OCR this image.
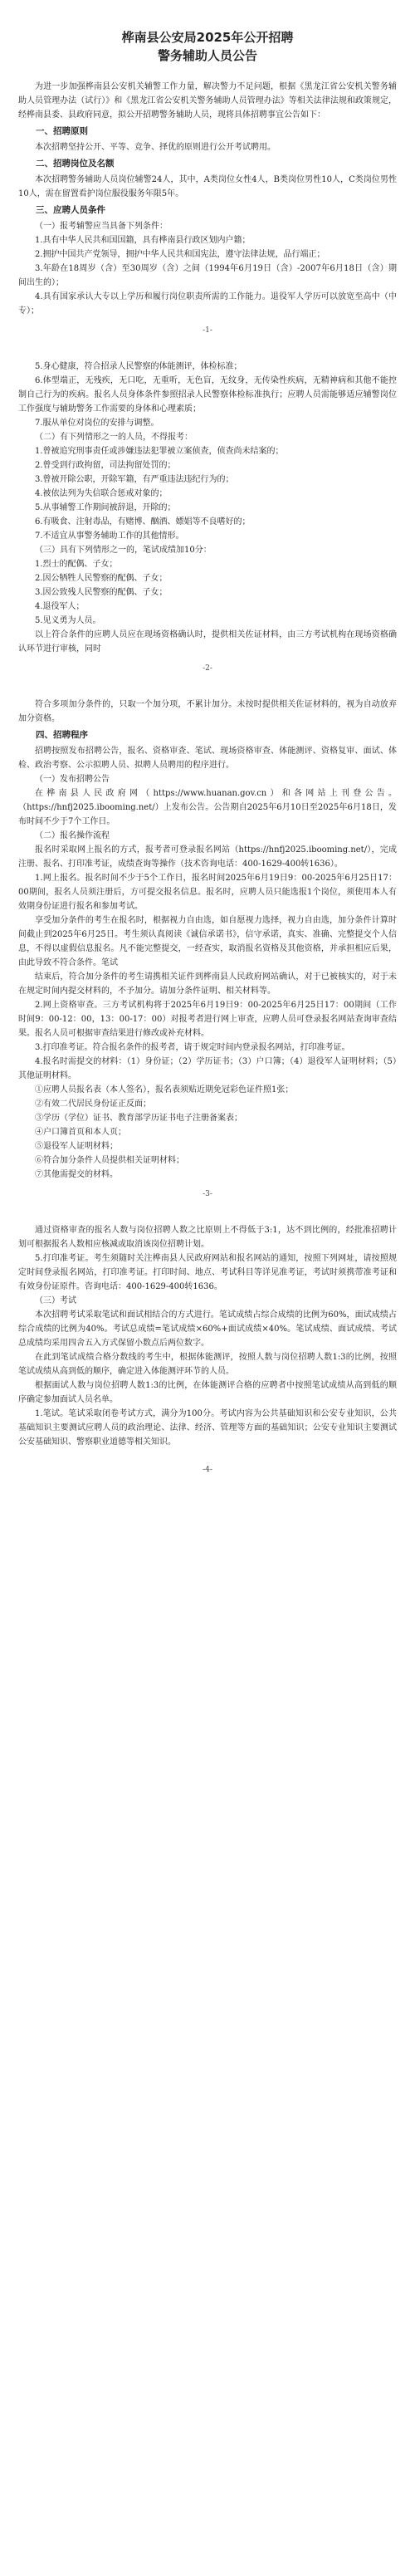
桦南县公安局2025年公开招聘
警务辅助人员公告

为进一步加强桦南县公安机关辅警工作力量，解决警力不足问题，根据《黑龙江省公安机关警务辅助人员管理办法（试行）》和《黑龙江省公安机关警务辅助人员管理办法》等相关法律法规和政策规定，经桦南县委、县政府同意，拟公开招聘警务辅助人员，现将具体招聘事宜公告如下：

一、招聘原则

本次招聘坚持公开、平等、竞争、择优的原则进行公开考试聘用。

二、招聘岗位及名额

本次招聘警务辅助人员岗位辅警24人，其中，A类岗位女性4人，B类岗位男性10人，C类岗位男性10人，需在留置看护岗位服役服务年限5年。

三、应聘人员条件

（一）报考辅警应当具备下列条件：

1.具有中华人民共和国国籍，具有桦南县行政区划内户籍；

2.拥护中国共产党领导，拥护中华人民共和国宪法，遵守法律法规，品行端正；

3.年龄在18周岁（含）至30周岁（含）之间（1994年6月19日（含）-2007年6月18日（含）期间出生的）；

4.具有国家承认大专以上学历和履行岗位职责所需的工作能力。退役军人学历可以放宽至高中（中专）；

-1-

5.身心健康，符合招录人民警察的体能测评，体检标准；

6.体型端正，无残疾，无口吃，无重听，无色盲，无纹身，无传染性疾病，无精神病和其他不能控制自己行为的疾病。报名人员身体条件参照招录人民警察体检标准执行；应聘人员需能够适应辅警岗位工作强度与辅助警务工作需要的身体和心理素质；

7.服从单位对岗位的安排与调整。

（二）有下列情形之一的人员，不得报考：

1.曾被追究刑事责任或涉嫌违法犯罪被立案侦查，侦查尚未结案的；

2.曾受到行政拘留，司法拘留处罚的；

3.曾被开除公职，开除军籍，有严重违法违纪行为的；

4.被依法列为失信联合惩戒对象的；

5.从事辅警工作期间被辞退，开除的；

6.有吸食、注射毒品，有赌博、酗酒、嫖娼等不良嗜好的；

7.不适宜从事警务辅助工作的其他情形。

（三）具有下列情形之一的，笔试成绩加10分：

1.烈士的配偶、子女；

2.因公牺牲人民警察的配偶、子女；

3.因公致残人民警察的配偶、子女；

4.退役军人；

5.见义勇为人员。

以上符合条件的应聘人员应在现场资格确认时，提供相关佐证材料，由三方考试机构在现场资格确认环节进行审核，同时

-2-

符合多项加分条件的，只取一个加分项，不累计加分。未按时提供相关佐证材料的，视为自动放弃加分资格。

四、招聘程序

招聘按照发布招聘公告，报名、资格审查、笔试、现场资格审查、体能测评、资格复审、面试、体检、政治考察、公示拟聘人员、拟聘人员聘用的程序进行。

（一）发布招聘公告

在桦南县人民政府网（https://www.huanan.gov.cn）和各网站上刊登公告。（https://hnfj2025.ibooming.net/）上发布公告。公告期自2025年6月10日至2025年6月18日，发布时间不少于7个工作日。

（二）报名操作流程

报名时采取网上报名的方式，报考者可登录报名网站（https://hnfj2025.ibooming.net/），完成注册、报名、打印准考证，成绩查询等操作（技术咨询电话：400-1629-400转1636）。

1.网上报名。报名时间不少于5个工作日，报名时间2025年6月19日9：00-2025年6月25日17：00期间，报名人员须注册后，方可提交报名信息。报名时，应聘人员只能选报1个岗位，须使用本人有效期身份证进行报名和参加考试。

享受加分条件的考生在报名时，根据视力自由选，如自愿视力选择，视力自由选，加分条件计算时间截止到2025年6月25日。考生须认真阅读《诚信承诺书》，信守承诺，真实、准确、完整提交个人信息，不得以虚假信息报名。凡不能完整提交，一经查实，取消报名资格及其他资格，并承担相应后果，由此导致不符合条件。笔试

结束后，符合加分条件的考生请携相关证件到桦南县人民政府网站确认，对于已被核实的，对于未在规定时间内提交材料的，不予加分。请加分条件证明、相关材料等。

2.网上资格审查。三方考试机构将于2025年6月19日9：00-2025年6月25日17：00期间（工作时间9：00-12：00，13：00-17：00）对报考者进行网上审查，应聘人员可登录报名网站查询审查结果。报名人员可根据审查结果进行修改或补充材料。

3.打印准考证。符合报名条件的报考者，请于规定时间内登录报名网站，打印准考证。

4.报名时需提交的材料：（1）身份证；（2）学历证书；（3）户口簿；（4）退役军人证明材料；（5）其他证明材料。

①应聘人员报名表（本人签名），报名表须贴近期免冠彩色证件照1张；

②有效二代居民身份证正反面；

③学历（学位）证书、教育部学历证书电子注册备案表；

④户口簿首页和本人页；

⑤退役军人证明材料；

⑥符合加分条件人员提供相关证明材料；

⑦其他需提交的材料。

-3-

通过资格审查的报名人数与岗位招聘人数之比原则上不得低于3:1，达不到比例的，经批准招聘计划可根据报名人数相应核减或取消该岗位招聘计划。

5.打印准考证。考生须随时关注桦南县人民政府网站和报名网站的通知，按照下列网址，请按照规定时间登录报名网站，打印准考证。打印时间、地点、考试科目等详见准考证，考试时须携带准考证和有效身份证原件。咨询电话：400-1629-400转1636。

（三）考试

本次招聘考试采取笔试和面试相结合的方式进行。笔试成绩占综合成绩的比例为60%，面试成绩占综合成绩的比例为40%。考试总成绩=笔试成绩×60%+面试成绩×40%。笔试成绩、面试成绩、考试总成绩均采用四舍五入方式保留小数点后两位数字。

在此到笔试成绩合格分数线的考生中，根据体能测评，按照人数与岗位招聘人数1:3的比例，按照笔试成绩从高到低的顺序，确定进入体能测评环节的人员。

根据面试人数与岗位招聘人数1:3的比例，在体能测评合格的应聘者中按照笔试成绩从高到低的顺序确定参加面试人员名单。

1.笔试。笔试采取闭卷考试方式，满分为100分。考试内容为公共基础知识和公安专业知识，公共基础知识主要测试应聘人员的政治理论、法律、经济、管理等方面的基础知识；公安专业知识主要测试公安基础知识、警察职业道德等相关知识。

-4-
